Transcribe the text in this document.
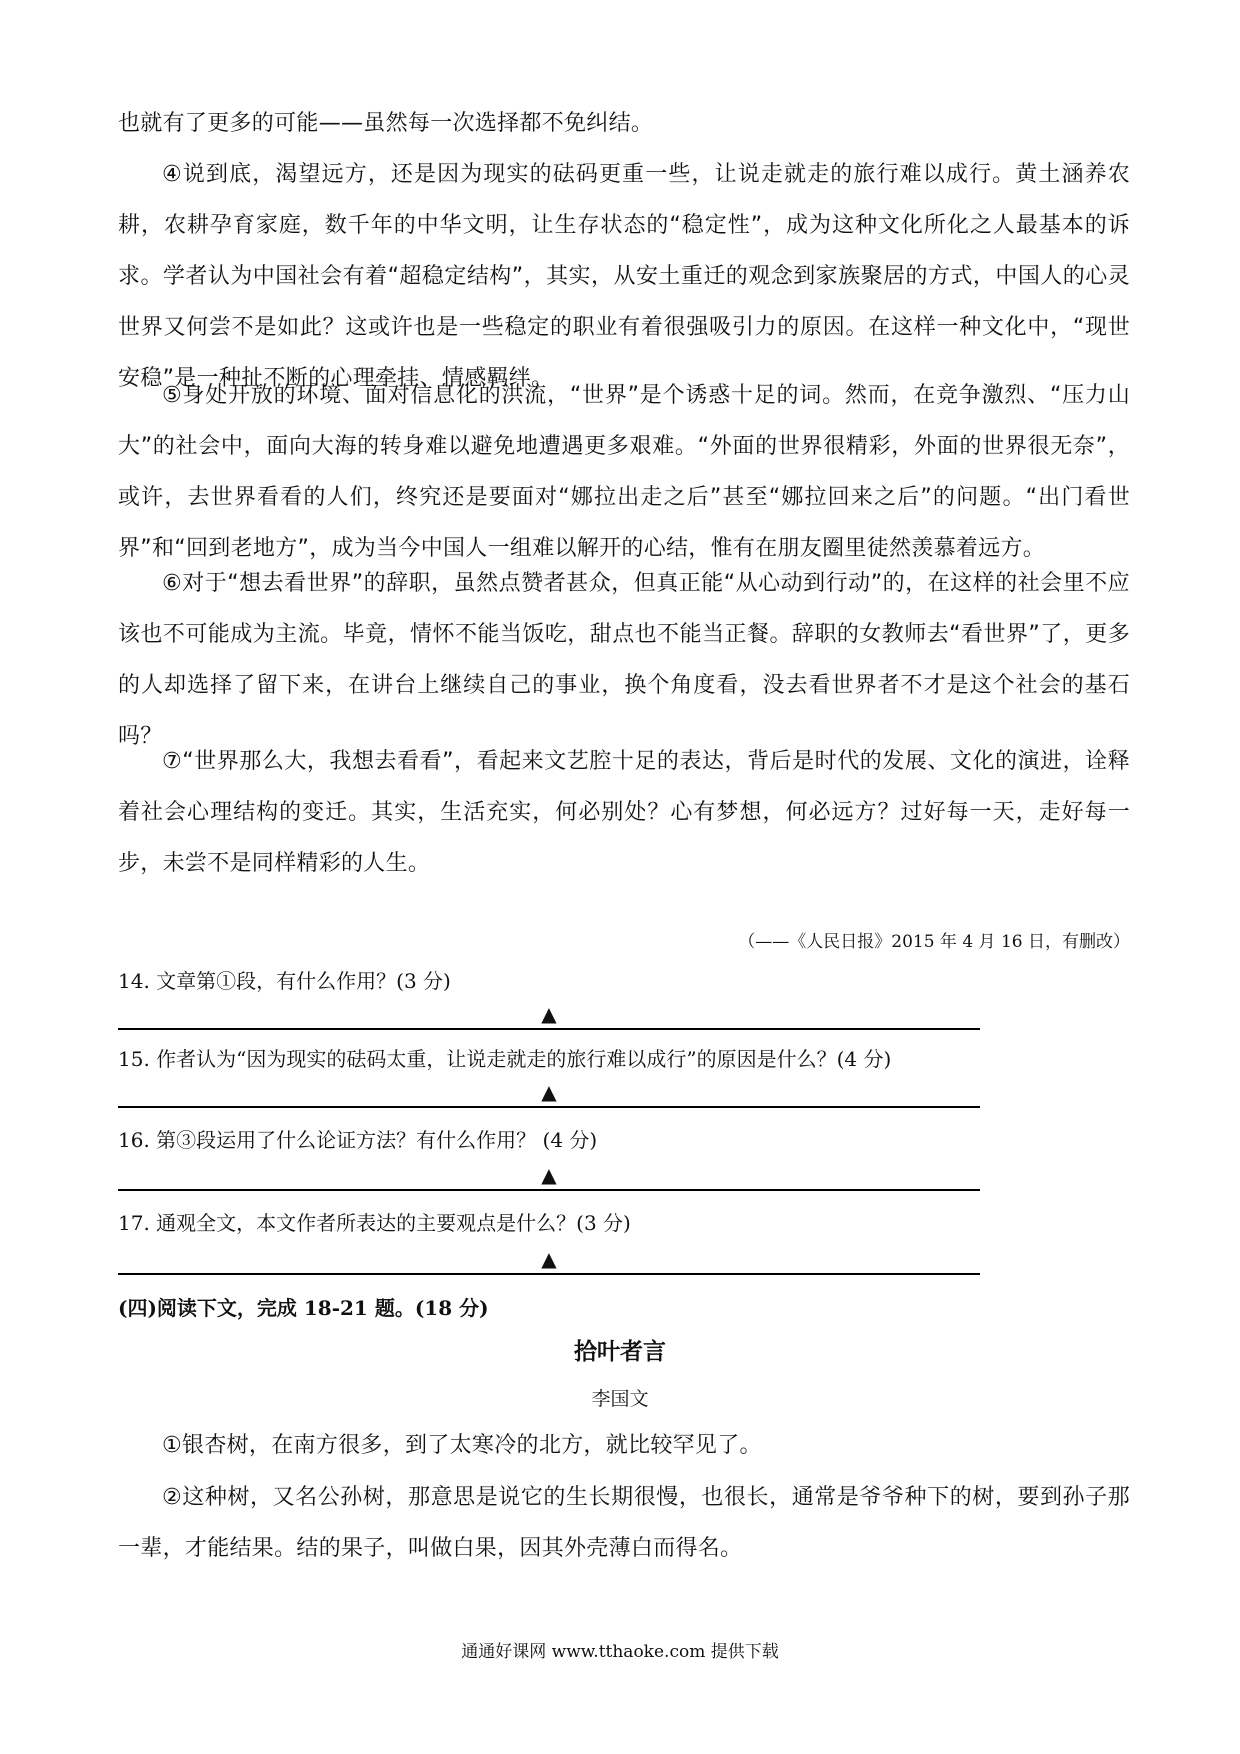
也就有了更多的可能——虽然每一次选择都不免纠结。

④说到底，渴望远方，还是因为现实的砝码更重一些，让说走就走的旅行难以成行。黄土涵养农耕，农耕孕育家庭，数千年的中华文明，让生存状态的“稳定性”，成为这种文化所化之人最基本的诉求。学者认为中国社会有着“超稳定结构”，其实，从安土重迁的观念到家族聚居的方式，中国人的心灵世界又何尝不是如此？这或许也是一些稳定的职业有着很强吸引力的原因。在这样一种文化中，“现世安稳”是一种扯不断的心理牵挂、情感羁绊。

⑤身处开放的环境、面对信息化的洪流，“世界”是个诱惑十足的词。然而，在竞争激烈、“压力山大”的社会中，面向大海的转身难以避免地遭遇更多艰难。“外面的世界很精彩，外面的世界很无奈”，或许，去世界看看的人们，终究还是要面对“娜拉出走之后”甚至“娜拉回来之后”的问题。“出门看世界”和“回到老地方”，成为当今中国人一组难以解开的心结，惟有在朋友圈里徒然羡慕着远方。

⑥对于“想去看世界”的辞职，虽然点赞者甚众，但真正能“从心动到行动”的，在这样的社会里不应该也不可能成为主流。毕竟，情怀不能当饭吃，甜点也不能当正餐。辞职的女教师去“看世界”了，更多的人却选择了留下来，在讲台上继续自己的事业，换个角度看，没去看世界者不才是这个社会的基石吗？

⑦“世界那么大，我想去看看”，看起来文艺腔十足的表达，背后是时代的发展、文化的演进，诠释着社会心理结构的变迁。其实，生活充实，何必别处？心有梦想，何必远方？过好每一天，走好每一步，未尝不是同样精彩的人生。

（——《人民日报》2015 年 4 月 16 日，有删改）
14. 文章第①段，有什么作用？(3 分)
▲
15. 作者认为“因为现实的砝码太重，让说走就走的旅行难以成行”的原因是什么？(4 分)
▲
16. 第③段运用了什么论证方法？有什么作用？ (4 分)
▲
17. 通观全文，本文作者所表达的主要观点是什么？(3 分)
▲
(四)阅读下文，完成 18-21 题。(18 分)
拾叶者言
李国文

①银杏树，在南方很多，到了太寒冷的北方，就比较罕见了。

②这种树，又名公孙树，那意思是说它的生长期很慢，也很长，通常是爷爷种下的树，要到孙子那一辈，才能结果。结的果子，叫做白果，因其外壳薄白而得名。

通通好课网 www.tthaoke.com 提供下载
